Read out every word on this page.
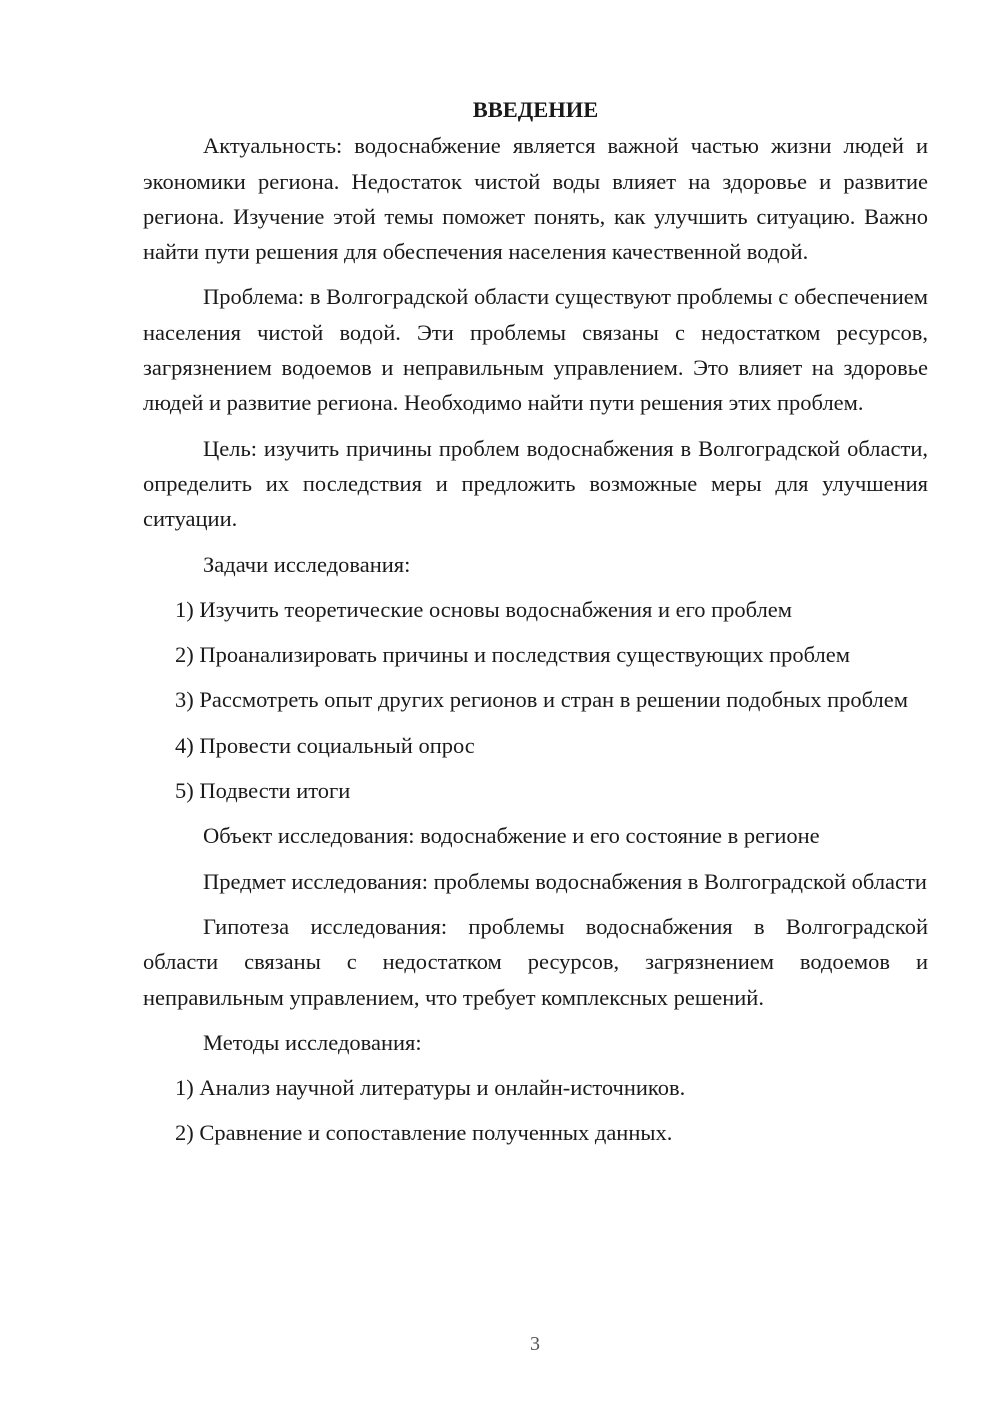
ВВЕДЕНИЕ

Актуальность: водоснабжение является важной частью жизни людей и экономики региона. Недостаток чистой воды влияет на здоровье и развитие региона. Изучение этой темы поможет понять, как улучшить ситуацию. Важно найти пути решения для обеспечения населения качественной водой.

Проблема: в Волгоградской области существуют проблемы с обеспечением населения чистой водой. Эти проблемы связаны с недостатком ресурсов, загрязнением водоемов и неправильным управлением. Это влияет на здоровье людей и развитие региона. Необходимо найти пути решения этих проблем.

Цель: изучить причины проблем водоснабжения в Волгоградской области, определить их последствия и предложить возможные меры для улучшения ситуации.

Задачи исследования:

1) Изучить теоретические основы водоснабжения и его проблем

2) Проанализировать причины и последствия существующих проблем

3) Рассмотреть опыт других регионов и стран в решении подобных проблем

4) Провести социальный опрос

5) Подвести итоги

Объект исследования: водоснабжение и его состояние в регионе

Предмет исследования: проблемы водоснабжения в Волгоградской области

Гипотеза исследования: проблемы водоснабжения в Волгоградской области связаны с недостатком ресурсов, загрязнением водоемов и неправильным управлением, что требует комплексных решений.

Методы исследования:

1) Анализ научной литературы и онлайн-источников.

2) Сравнение и сопоставление полученных данных.

3
